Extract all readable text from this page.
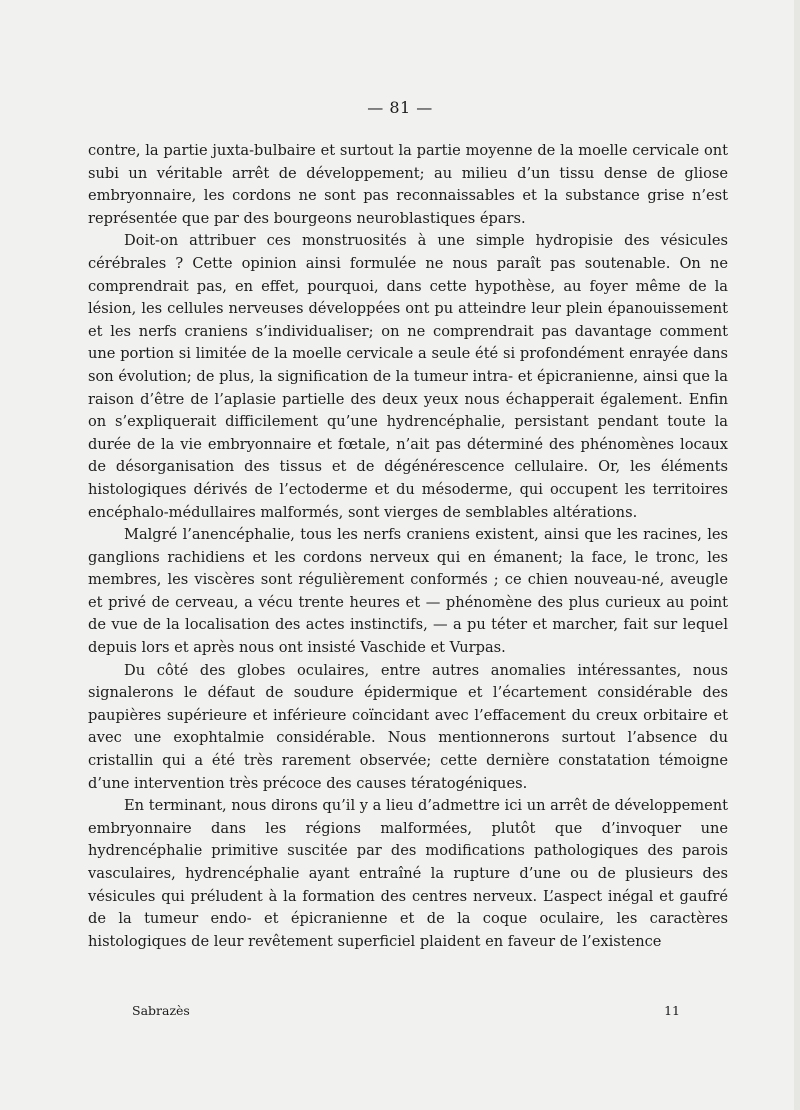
— 81 —

contre, la partie juxta-bulbaire et surtout la partie moyenne de la moelle cervicale ont subi un véritable arrêt de développement; au milieu d’un tissu dense de gliose embryonnaire, les cordons ne sont pas reconnaissables et la substance grise n’est représentée que par des bourgeons neuroblastiques épars.

Doit-on attribuer ces monstruosités à une simple hydropisie des vésicules cérébrales ? Cette opinion ainsi formulée ne nous paraît pas soutenable. On ne comprendrait pas, en effet, pourquoi, dans cette hypothèse, au foyer même de la lésion, les cellules nerveuses développées ont pu atteindre leur plein épanouissement et les nerfs craniens s’individualiser; on ne comprendrait pas davantage comment une portion si limitée de la moelle cervicale a seule été si profondément enrayée dans son évolution; de plus, la signification de la tumeur intra- et épicranienne, ainsi que la raison d’être de l’aplasie partielle des deux yeux nous échapperait également. Enfin on s’expliquerait difficilement qu’une hydrencéphalie, persistant pendant toute la durée de la vie embryonnaire et fœtale, n’ait pas déterminé des phénomènes locaux de désorganisation des tissus et de dégénérescence cellulaire. Or, les éléments histologiques dérivés de l’ectoderme et du mésoderme, qui occupent les territoires encéphalo-médullaires malformés, sont vierges de semblables altérations.

Malgré l’anencéphalie, tous les nerfs craniens existent, ainsi que les racines, les ganglions rachidiens et les cordons nerveux qui en émanent; la face, le tronc, les membres, les viscères sont régulièrement conformés ; ce chien nouveau-né, aveugle et privé de cerveau, a vécu trente heures et — phénomène des plus curieux au point de vue de la localisation des actes instinctifs, — a pu téter et marcher, fait sur lequel depuis lors et après nous ont insisté Vaschide et Vurpas.

Du côté des globes oculaires, entre autres anomalies intéressantes, nous signalerons le défaut de soudure épidermique et l’écartement considérable des paupières supérieure et inférieure coïncidant avec l’effacement du creux orbitaire et avec une exophtalmie considérable. Nous mentionnerons surtout l’absence du cristallin qui a été très rarement observée; cette dernière constatation témoigne d’une intervention très précoce des causes tératogéniques.

En terminant, nous dirons qu’il y a lieu d’admettre ici un arrêt de développement embryonnaire dans les régions malformées, plutôt que d’invoquer une hydrencéphalie primitive suscitée par des modifications pathologiques des parois vasculaires, hydrencéphalie ayant entraîné la rupture d’une ou de plusieurs des vésicules qui préludent à la formation des centres nerveux. L’aspect inégal et gaufré de la tumeur endo- et épicranienne et de la coque oculaire, les caractères histologiques de leur revêtement superficiel plaident en faveur de l’existence

Sabrazès	11
